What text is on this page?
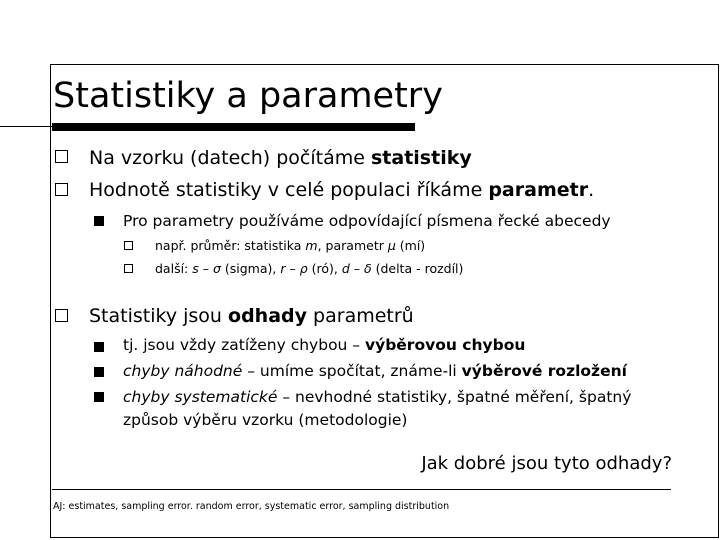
Statistiky a parametry
Na vzorku (datech) počítáme statistiky
Hodnotě statistiky v celé populaci říkáme parametr.
Pro parametry používáme odpovídající písmena řecké abecedy
např. průměr: statistika m, parametr μ (mí)
další: s – σ (sigma), r – ρ (ró), d – δ (delta - rozdíl)
Statistiky jsou odhady parametrů
tj. jsou vždy zatíženy chybou – výběrovou chybou
chyby náhodné – umíme spočítat, známe-li výběrové rozložení
chyby systematické – nevhodné statistiky, špatné měření, špatný
způsob výběru vzorku (metodologie)
Jak dobré jsou tyto odhady?
AJ: estimates, sampling error. random error, systematic error, sampling distribution
